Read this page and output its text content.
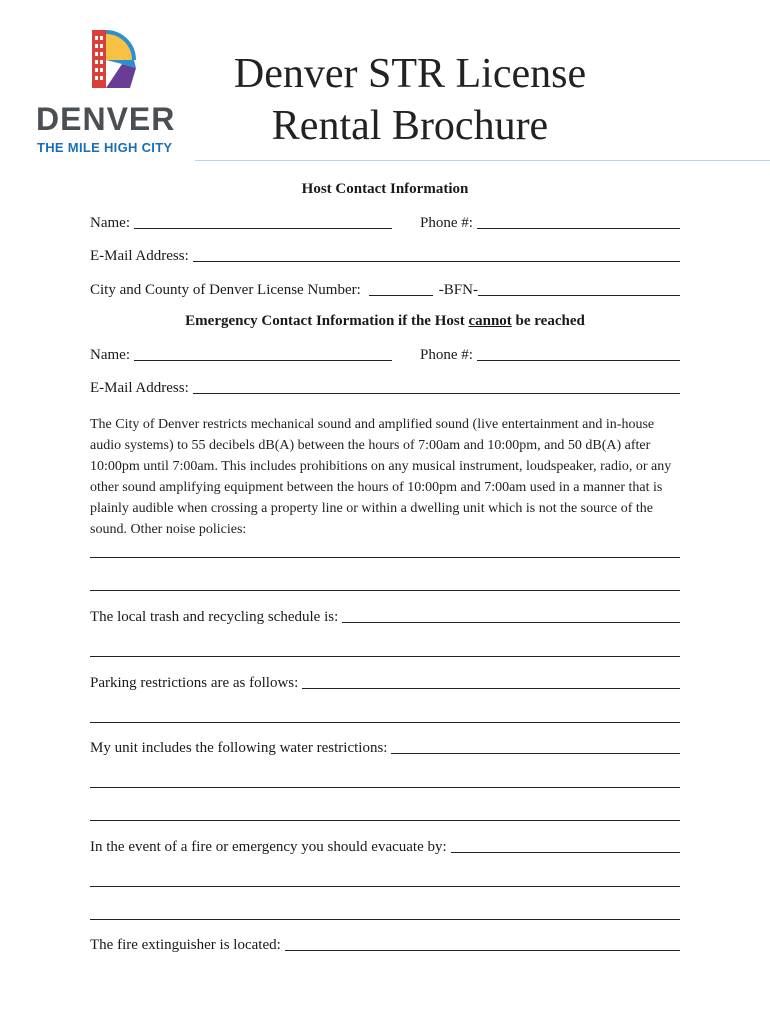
DENVER
THE MILE HIGH CITY
Denver STR License
Rental Brochure
Host Contact Information
Name:	Phone #:
E-Mail Address:
City and County of Denver License Number:	-BFN-
Emergency Contact Information if the Host cannot be reached
Name:	Phone #:
E-Mail Address:
The City of Denver restricts mechanical sound and amplified sound (live entertainment and in-house audio systems) to 55 decibels dB(A) between the hours of 7:00am and 10:00pm, and 50 dB(A) after 10:00pm until 7:00am. This includes prohibitions on any musical instrument, loudspeaker, radio, or any other sound amplifying equipment between the hours of 10:00pm and 7:00am used in a manner that is plainly audible when crossing a property line or within a dwelling unit which is not the source of the sound. Other noise policies:
The local trash and recycling schedule is:
Parking restrictions are as follows:
My unit includes the following water restrictions:
In the event of a fire or emergency you should evacuate by:
The fire extinguisher is located:
